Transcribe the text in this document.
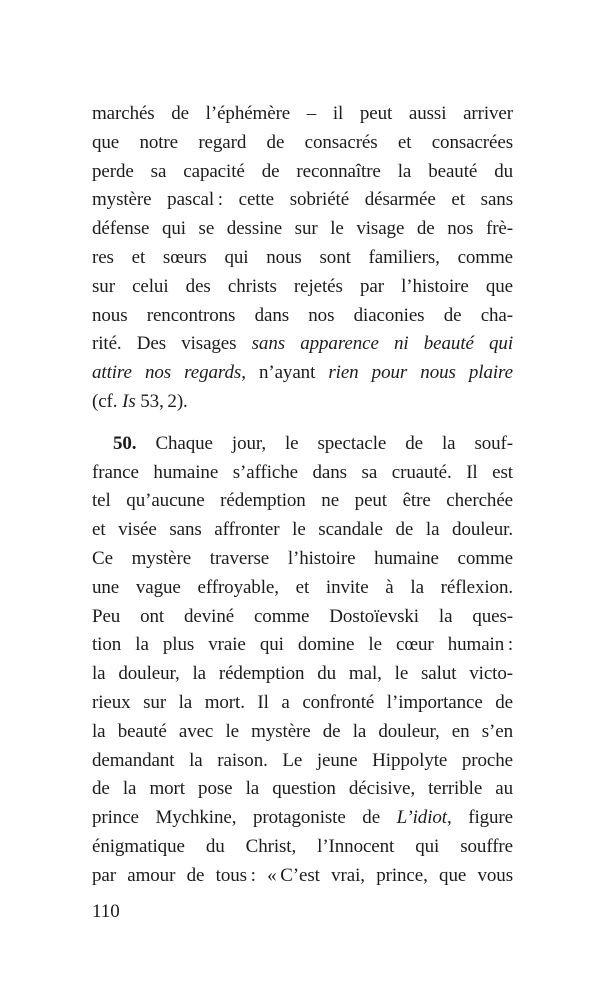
marchés de l’éphémère – il peut aussi arriver
que notre regard de consacrés et consacrées
perde sa capacité de reconnaître la beauté du
mystère pascal : cette sobriété désarmée et sans
défense qui se dessine sur le visage de nos frè-
res et sœurs qui nous sont familiers, comme
sur celui des christs rejetés par l’histoire que
nous rencontrons dans nos diaconies de cha-
rité. Des visages sans apparence ni beauté qui
attire nos regards, n’ayant rien pour nous plaire
(cf. Is 53, 2).
50. Chaque jour, le spectacle de la souf-
france humaine s’affiche dans sa cruauté. Il est
tel qu’aucune rédemption ne peut être cherchée
et visée sans affronter le scandale de la douleur.
Ce mystère traverse l’histoire humaine comme
une vague effroyable, et invite à la réflexion.
Peu ont deviné comme Dostoïevski la ques-
tion la plus vraie qui domine le cœur humain :
la douleur, la rédemption du mal, le salut victo-
rieux sur la mort. Il a confronté l’importance de
la beauté avec le mystère de la douleur, en s’en
demandant la raison. Le jeune Hippolyte proche
de la mort pose la question décisive, terrible au
prince Mychkine, protagoniste de L’idiot, figure
énigmatique du Christ, l’Innocent qui souffre
par amour de tous : « C’est vrai, prince, que vous
110
